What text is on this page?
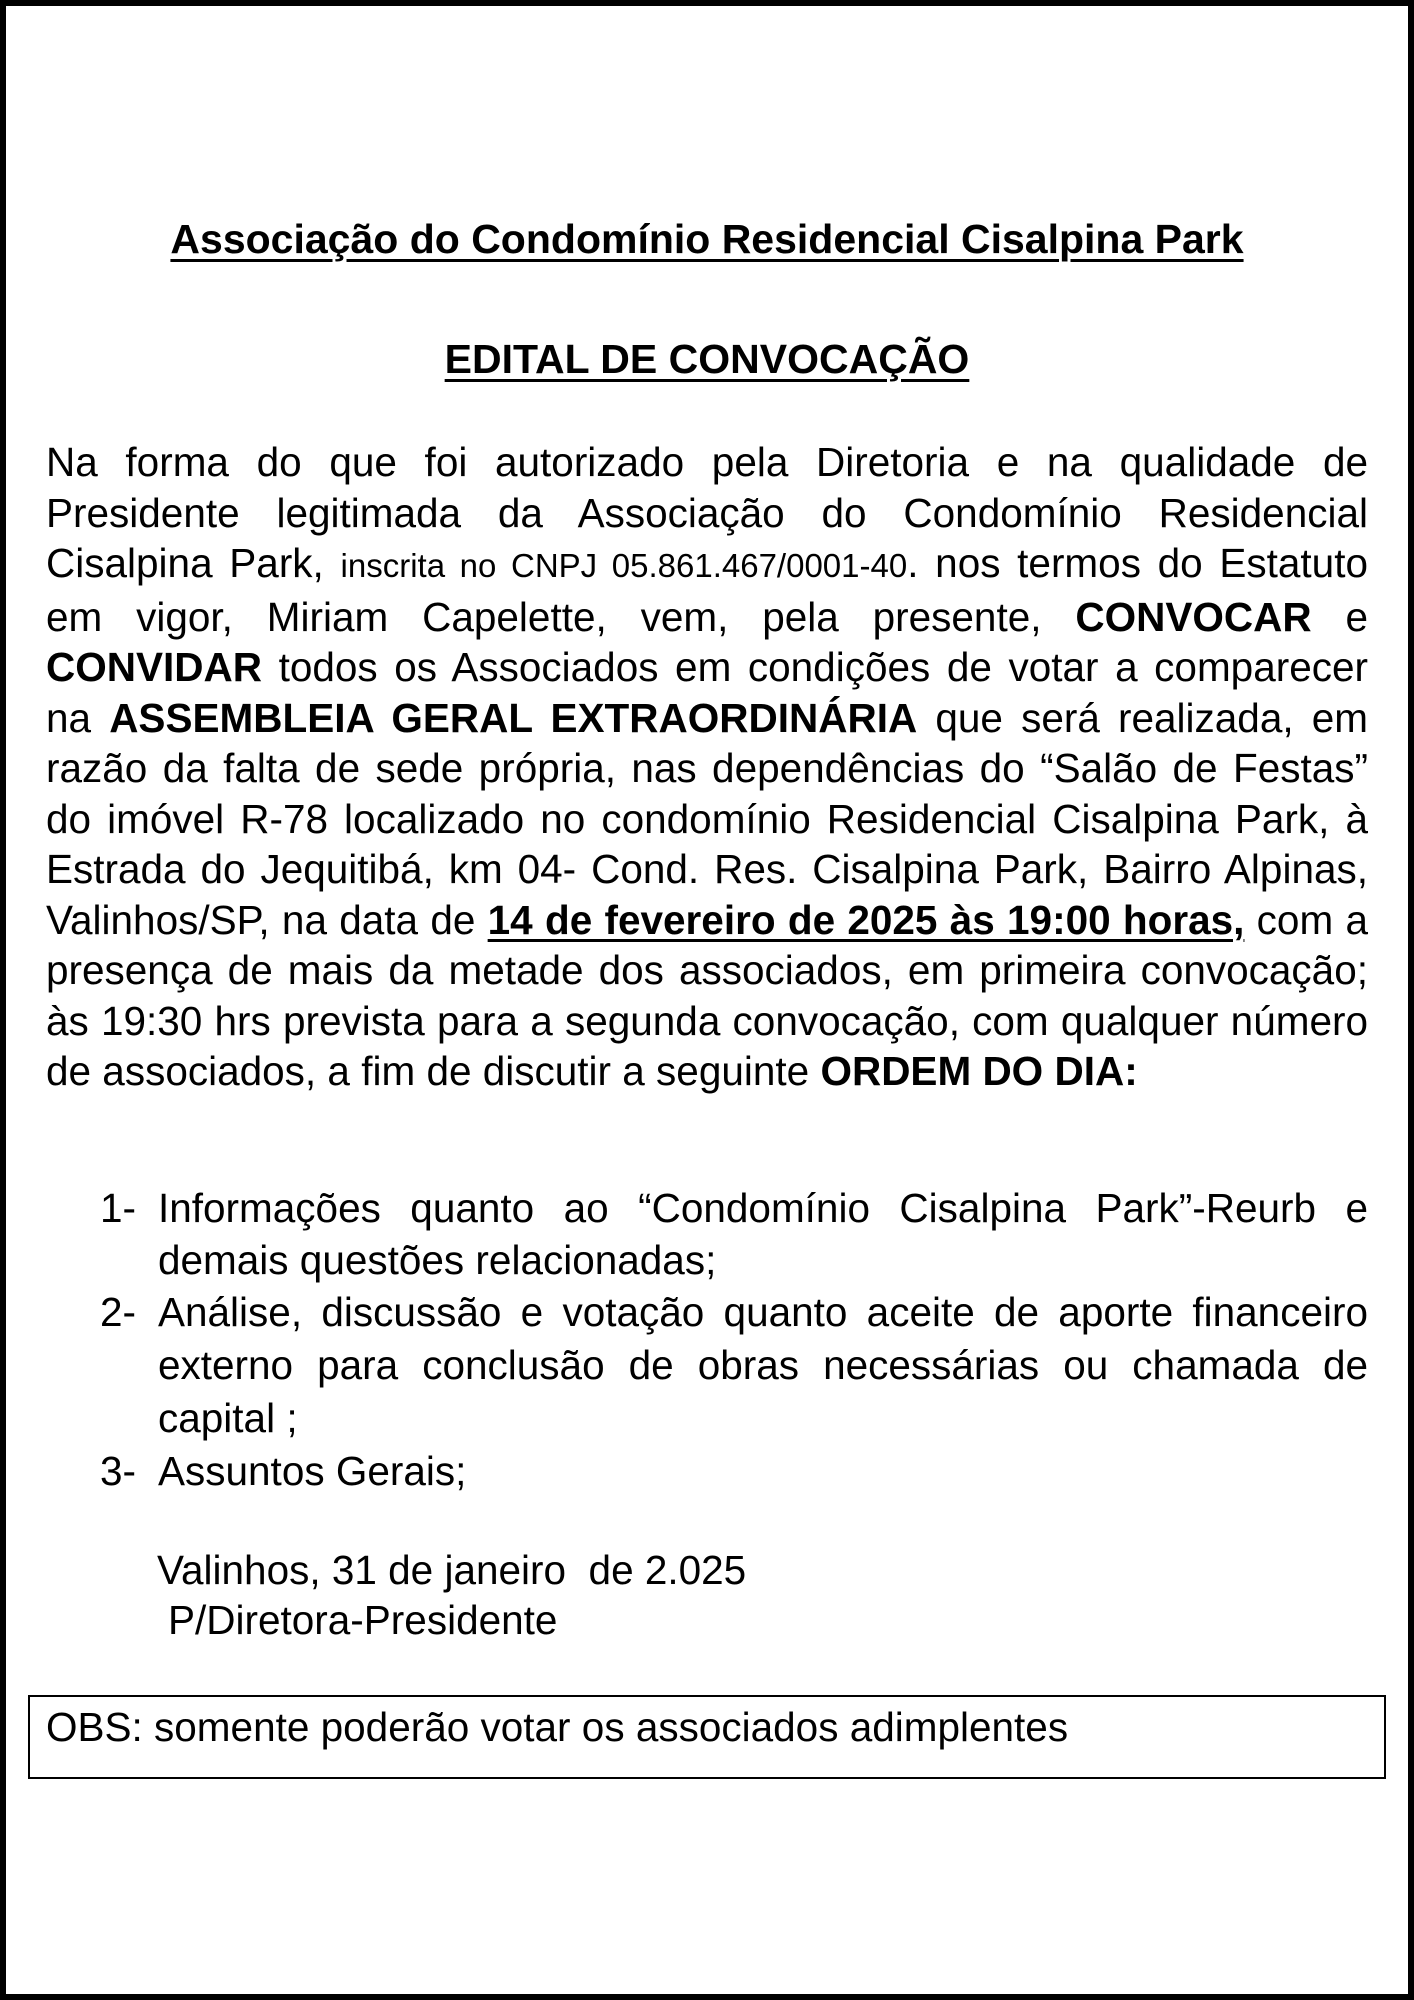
Associação do Condomínio Residencial Cisalpina Park
EDITAL DE CONVOCAÇÃO
Na forma do que foi autorizado pela Diretoria e na qualidade de Presidente legitimada da Associação do Condomínio Residencial Cisalpina Park, inscrita no CNPJ 05.861.467/0001-40. nos termos do Estatuto em vigor, Miriam Capelette, vem, pela presente, CONVOCAR e CONVIDAR todos os Associados em condições de votar a comparecer na ASSEMBLEIA GERAL EXTRAORDINÁRIA que será realizada, em razão da falta de sede própria, nas dependências do “Salão de Festas” do imóvel R-78 localizado no condomínio Residencial Cisalpina Park, à Estrada do Jequitibá, km 04- Cond. Res. Cisalpina Park, Bairro Alpinas, Valinhos/SP, na data de 14 de fevereiro de 2025 às 19:00 horas, com a presença de mais da metade dos associados, em primeira convocação; às 19:30 hrs prevista para a segunda convocação, com qualquer número de associados, a fim de discutir a seguinte ORDEM DO DIA:
1- Informações quanto ao “Condomínio Cisalpina Park”-Reurb e demais questões relacionadas;
2- Análise, discussão e votação quanto aceite de aporte financeiro externo para conclusão de obras necessárias ou chamada de capital ;
3- Assuntos Gerais;
Valinhos, 31 de janeiro  de 2.025
P/Diretora-Presidente
OBS: somente poderão votar os associados adimplentes
